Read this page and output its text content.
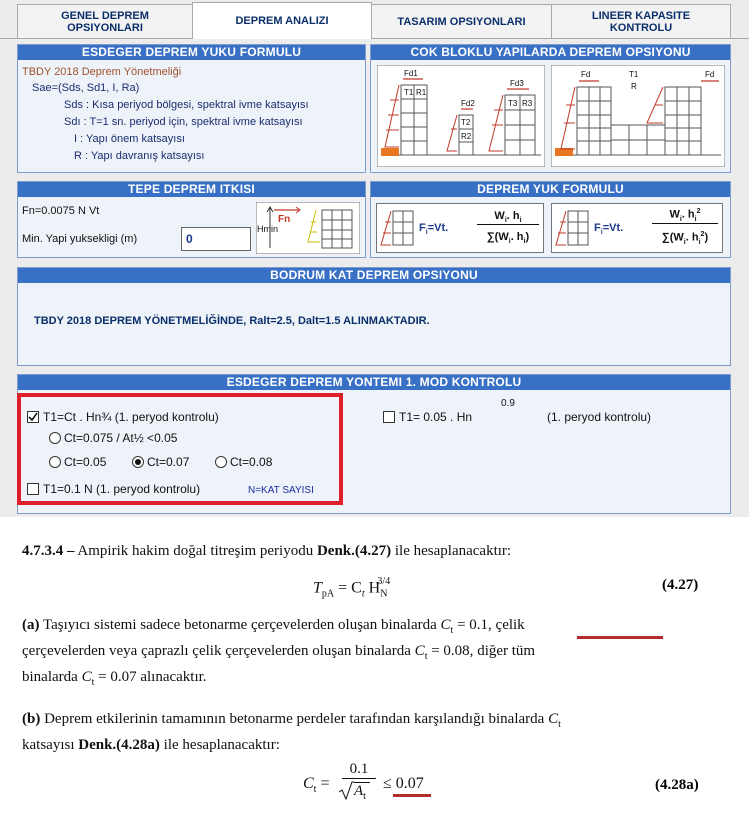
GENEL DEPREM OPSIYONLARI
DEPREM ANALIZI	TASARIM OPSIYONLARI	LINEER KAPASITE KONTROLU
ESDEGER DEPREM YUKU FORMULU
TBDY 2018 Deprem Yönetmeliği
Sae=(Sds, Sd1, I, Ra)
Sds : Kısa periyod bölgesi, spektral ivme katsayısı
Sdı : T=1 sn. periyod için, spektral ivme katsayısı
I : Yapı önem katsayısı
R : Yapı davranış katsayısı
COK BLOKLU YAPILARDA DEPREM OPSIYONU
Fd1
T1 R1
Fd2
T2
R2
Fd3
T3 R3
Fd	T1
R
Fd
TEPE DEPREM ITKISI
Fn=0.0075 N Vt
Min. Yapi yuksekligi (m)	0
Fn
Hmin
DEPREM YUK FORMULU
$F_i=Vt$.
$W_i$. $h_i$
$\sum(W_i$. $h_i$)
$F_i=Vt$.
$W_i$. $h_i^2$
$\sum(W_i$. $h_i^2$)
BODRUM KAT DEPREM OPSIYONU
TBDY 2018 DEPREM YÖNETMELİĞİNDE, Ralt=2.5, Dalt=1.5 ALINMAKTADIR.
ESDEGER DEPREM YONTEMI 1. MOD KONTROLU
T1=Ct . Hn¾ (1. peryod kontrolu)
Ct=0.075 / At½ <0.05
Ct=0.05	Ct=0.07	Ct=0.08
T1=0.1 N (1. peryod kontrolu)	N=KAT SAYISI
T1= 0.05 . Hn
0.9
(1. peryod kontrolu)
4.7.3.4 – Ampirik hakim doğal titreşim periyodu Denk.(4.27) ile hesaplanacaktır:
$T_{pA} = C_t$ $H_N^{3/4}$	(4.27)
(a) Taşıyıcı sistemi sadece betonarme çerçevelerden oluşan binalarda $C_t = 0.1$, çelik
çerçevelerden veya çaprazlı çelik çerçevelerden oluşan binalarda $C_t = 0.08$, diğer tüm
binalarda $C_t = 0.07$ alınacaktır.
(b) Deprem etkilerinin tamamının betonarme perdeler tarafından karşılandığı binalarda $C_t$
katsayısı Denk.(4.28a) ile hesaplanacaktır:
$C_t$ =
0.1
$A_t$
≤ 0.07	(4.28a)
